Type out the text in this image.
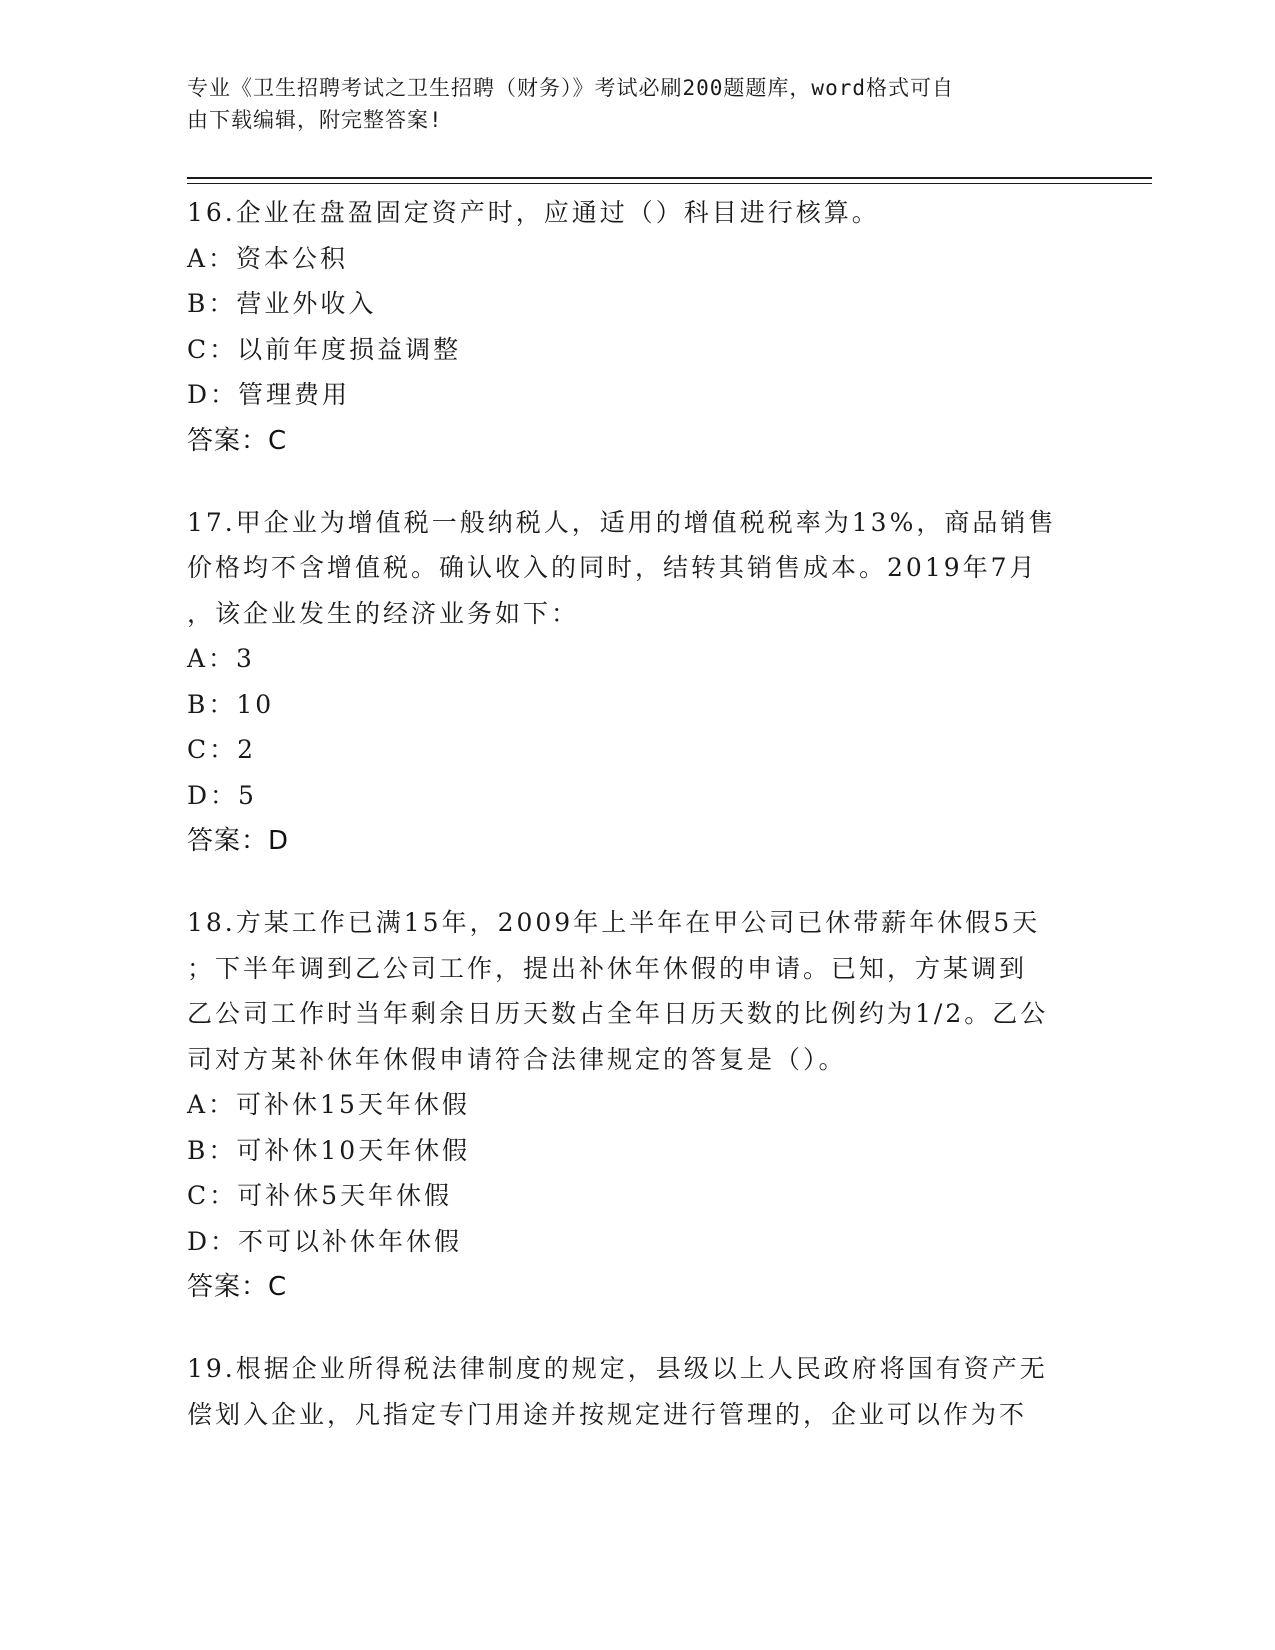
专业《卫生招聘考试之卫生招聘（财务）》考试必刷200题题库，word格式可自
由下载编辑，附完整答案!
16.企业在盘盈固定资产时，应通过（）科目进行核算。
A：资本公积
B：营业外收入
C：以前年度损益调整
D：管理费用
答案：C
17.甲企业为增值税一般纳税人，适用的增值税税率为13%，商品销售
价格均不含增值税。确认收入的同时，结转其销售成本。2019年7月
，该企业发生的经济业务如下：
A：3
B：10
C：2
D：5
答案：D
18.方某工作已满15年，2009年上半年在甲公司已休带薪年休假5天
；下半年调到乙公司工作，提出补休年休假的申请。已知，方某调到
乙公司工作时当年剩余日历天数占全年日历天数的比例约为1/2。乙公
司对方某补休年休假申请符合法律规定的答复是（）。
A：可补休15天年休假
B：可补休10天年休假
C：可补休5天年休假
D：不可以补休年休假
答案：C
19.根据企业所得税法律制度的规定，县级以上人民政府将国有资产无
偿划入企业，凡指定专门用途并按规定进行管理的，企业可以作为不
